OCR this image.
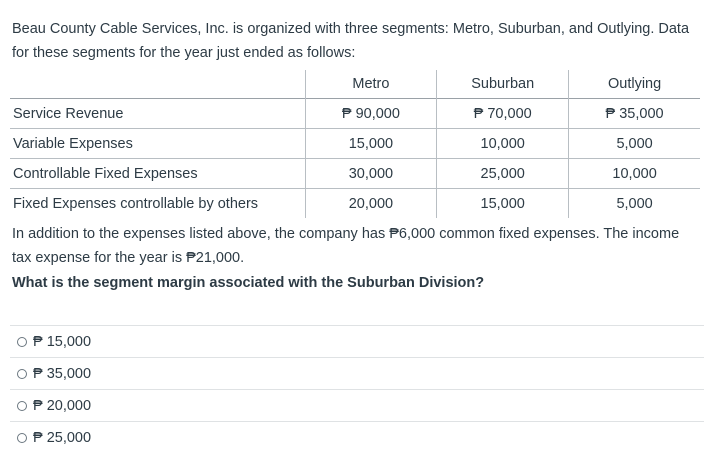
Beau County Cable Services, Inc. is organized with three segments: Metro, Suburban, and Outlying. Data for these segments for the year just ended as follows:

	Metro	Suburban	Outlying
Service Revenue	₱ 90,000	₱ 70,000	₱ 35,000
Variable Expenses	15,000	10,000	5,000
Controllable Fixed Expenses	30,000	25,000	10,000
Fixed Expenses controllable by others	20,000	15,000	5,000

In addition to the expenses listed above, the company has ₱6,000 common fixed expenses. The income tax expense for the year is ₱21,000.

What is the segment margin associated with the Suburban Division?

₱ 15,000
₱ 35,000
₱ 20,000
₱ 25,000
